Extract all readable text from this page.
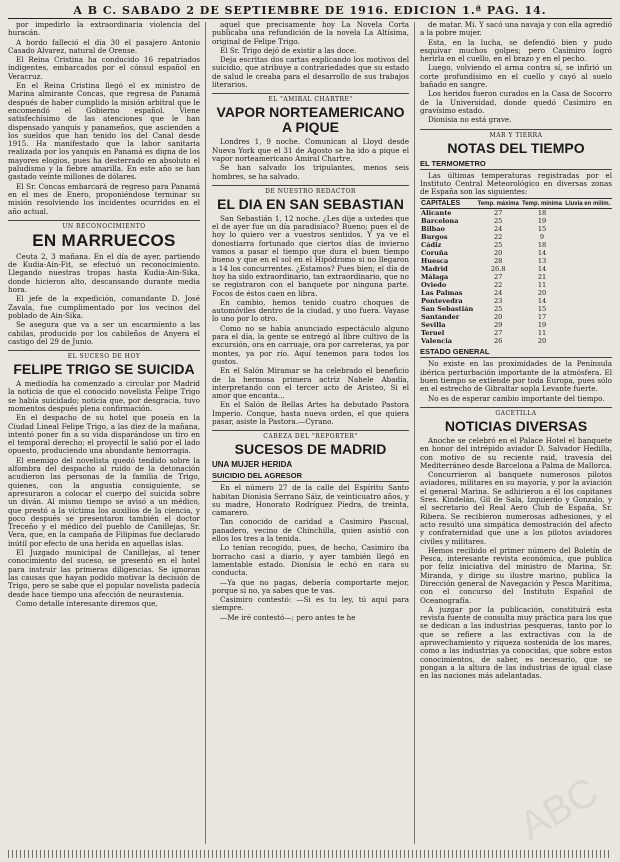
A B C. SABADO 2 DE SEPTIEMBRE DE 1916. EDICION 1.ª PAG. 14.

por impedirlo la extraordinaria violencia del huracán.

A bordo falleció el día 30 el pasajero Antonio Casado Alvarez, natural de Orense.

El Reina Cristina ha conducido 16 repatriados indigentes, embarcados por el cónsul español en Veracruz.

En el Reina Cristina llegó el ex ministro de Marina almirante Concas, que regresa de Panamá después de haber cumplido la misión arbitral que le encomendó el Gobierno español. Viene satisfechísimo de las atenciones que le han dispensado yanquis y panameños, que ascienden a los sueldos que han tenido los del Canal desde 1915. Ha manifestado que la labor sanitaria realizada por los yanquis en Panamá es digna de los mayores elogios, pues ha desterrado en absoluto el paludismo y la fiebre amarilla. En este año se han gastado veinte millones de dólares.

El Sr. Concas embarcará de regreso para Panamá en el mes de Enero, proponiéndose terminar su misión resolviendo los incidentes ocurridos en el año actual.

UN RECONOCIMIENTO
EN MARRUECOS

Ceuta 2, 3 mañana. En el día de ayer, partiendo de Kudia-Ain-Fit, se efectuó un reconocimiento. Llegando nuestras tropas hasta Kudia-Ain-Sika, donde hicieron alto, descansando durante media hora.

El jefe de la expedición, comandante D. José Zavala, fue cumplimentado por los vecinos del poblado de Ain-Sika.

Se asegura que va a ser un escarmiento a las cabilas, producido por los cabileños de Anyera el castigo del 29 de Junio.

EL SUCESO DE HOY
FELIPE TRIGO SE SUICIDA

A mediodía ha comenzado a circular por Madrid la noticia de que el conocido novelista Felipe Trigo se había suicidado; noticia que, por desgracia, tuvo momentos después plena confirmación.

En el despacho de su hotel que poseía en la Ciudad Lineal Felipe Trigo, a las diez de la mañana, intentó poner fin a su vida disparándose un tiro en el temporal derecho; el proyectil le salió por el lado opuesto, produciendo una abundante hemorragia.

El enemigo del novelista quedó tendido sobre la alfombra del despacho al ruido de la detonación acudieron las personas de la familia de Trigo, quienes, con la angustia consiguiente, se apresuraron a colocar el cuerpo del suicida sobre un diván. Al mismo tiempo se avisó a un médico, que prestó a la víctima los auxilios de la ciencia, y poco después se presentaron también el doctor Treceño y el médico del pueblo de Canillejas, Sr. Vera, que, en la campaña de Filipinas fue declarado inútil por efecto de una herida en aquellas islas.

El Juzgado municipal de Canillejas, al tener conocimiento del suceso, se presentó en el hotel para instruir las primeras diligencias. Se ignoran las causas que hayan podido motivar la decisión de Trigo, pero se sabe que el popular novelista padecía desde hace tiempo una afección de neurastenia.

Como detalle interesante diremos que,

aquel que precisamente hoy La Novela Corta publicaba una refundición de la novela La Altísima, original de Felipe Trigo.

El Sr. Trigo dejó de existir a las doce.

Deja escritas dos cartas explicando los motivos del suicidio, que atribuye a contrariedades que su estado de salud le creaba para el desarrollo de sus trabajos literarios.

EL "AMIRAL CHARTRE"
VAPOR NORTEAMERICANO A PIQUE

Londres 1, 9 noche. Comunican al Lloyd desde Nueva York que el 31 de Agosto se ha ido a pique el vapor norteamericano Amiral Chartre.

Se han salvado los tripulantes, menos seis hombres, se ha salvado.

DE NUESTRO REDACTOR
EL DIA EN SAN SEBASTIAN

San Sebastián 1, 12 noche. ¿Les dije a ustedes que el de ayer fue un día paradisíaco? Bueno; pues el de hoy lo quiero ver a vuestros sentidos. Y ya ve el donostiarra fortunado que ciertos días de invierno vamos a pasar el tiempo que dura el buen tiempo bueno y que en el sol en el Hipódromo si no llegaron a 14 los concurrentes. ¿Estamos? Pues bien; el día de hoy ha sido extraordinario, tan extraordinario, que no se registraron con el banquete por ninguna parte. Focos de éstos caen en libra.

En cambio, hemos tenido cuatro choques de automóviles dentro de la ciudad, y uno fuera. Vayase lo uno por lo otro.

Como no se había anunciado espectáculo alguno para el día, la gente se entregó al libre cultivo de la excursión, ora en carruaje, ora por carreteras, ya por montes, ya por río. Aquí tenemos para todos los gustos.

En el Salón Miramar se ha celebrado el beneficio de la hermosa primera actriz Nahele Abadía, interpretando con el tercer acto de Aristeo, Si el amor que encanta...

En el Salón de Bellas Artes ha debutado Pastora Imperio. Conque, hasta nueva orden, el que quiera pasar, asiste la Pastora.—Cyrano.

CABEZA DEL "REPORTER"
SUCESOS DE MADRID
UNA MUJER HERIDA
SUICIDIO DEL AGRESOR

En el número 27 de la calle del Espíritu Santo habitan Dionisia Serrano Sáiz, de veinticuatro años, y su madre, Honorato Rodríguez Piedra, de treinta, camarero.

Tan conocido de caridad a Casimiro Pascual, panadero, vecino de Chinchilla, quien asistió con ellos los tres a la tenida.

Lo tenían recogido, pues, de hecho, Casimiro iba borracho casi a diario, y ayer también llegó en lamentable estado. Dionisia le echó en cara su conducta.

—Ya que no pagas, debería comportarte mejor, porque si no, ya sabes que te vas.

Casimiro contestó: —Si es tu ley, tú aquí para siempre.

—Me iré contestó—; pero antes te he

de matar. Mi. Y sacó una navaja y con ella agredió a la pobre mujer.

Esta, en la lucha, se defendió bien y pudo esquivar muchos golpes; pero Casimiro logró herirla en el cuello, en el brazo y en el pecho.

Luego, volviendo el arma contra sí, se infirió un corte profundísimo en el cuello y cayó al suelo bañado en sangre.

Los heridos fueron curados en la Casa de Socorro de la Universidad, donde quedó Casimiro en gravísimo estado.

Dionisia no está grave.

MAR Y TIERRA
NOTAS DEL TIEMPO
EL TERMOMETRO

Las últimas temperaturas registradas por el Instituto Central Meteorológico en diversas zonas de España son las siguientes:

CAPITALES	Temp. máxima	Temp. mínima	Lluvia en milím.
Alicante	27	18	
Barcelona	25	19	
Bilbao	24	15	
Burgos	22	9	
Cádiz	25	18	
Coruña	20	14	
Huesca	28	13	
Madrid	26.8	14	
Málaga	27	21	
Oviedo	22	11	
Las Palmas	24	20	
Pontevedra	23	14	
San Sebastián	25	15	
Santander	20	17	
Sevilla	29	19	
Teruel	27	11	
Valencia	26	20	
ESTADO GENERAL

No existe en las proximidades de la Península ibérica perturbación importante de la atmósfera. El buen tiempo se extiende por toda Europa, pues sólo en el estrecho de Gibraltar sopla Levante fuerte.

No es de esperar cambio importante del tiempo.

GACETILLA
NOTICIAS DIVERSAS

Anoche se celebró en el Palace Hotel el banquete en honor del intrépido aviador D. Salvador Hedilla, con motivo de su reciente raid, travesía del Mediterráneo desde Barcelona a Palma de Mallorca.

Concurrieron al banquete numerosos pilotos aviadores, militares en su mayoría, y por la aviación el general Marina. Se adhirieron a él los capitanes Sres. Kindelán, Gil de Sala, Izquierdo y Gonzalo, y el secretario del Real Aero Club de España, Sr. Ribera. Se recibieron numerosas adhesiones, y el acto resultó una simpática demostración del afecto y confraternidad que une a los pilotos aviadores civiles y militares.

Hemos recibido el primer número del Boletín de Pesca, interesante revista económica, que publica por feliz iniciativa del ministro de Marina, Sr. Miranda, y dirige su ilustre marino, publica la Dirección general de Navegación y Pesca Marítima, con el concurso del Instituto Español de Oceanografía.

A juzgar por la publicación, constituirá esta revista fuente de consulta muy práctica para los que se dedican a las industrias pesqueras, tanto por lo que se refiere a las extractivas con la de aprovechamiento y riqueza sostenida de los mares, como a las industrias ya conocidas, que sobre estos conocimientos, de saber, es necesario, que se pongan a la altura de las industrias de igual clase en las naciones más adelantadas.

ABC
